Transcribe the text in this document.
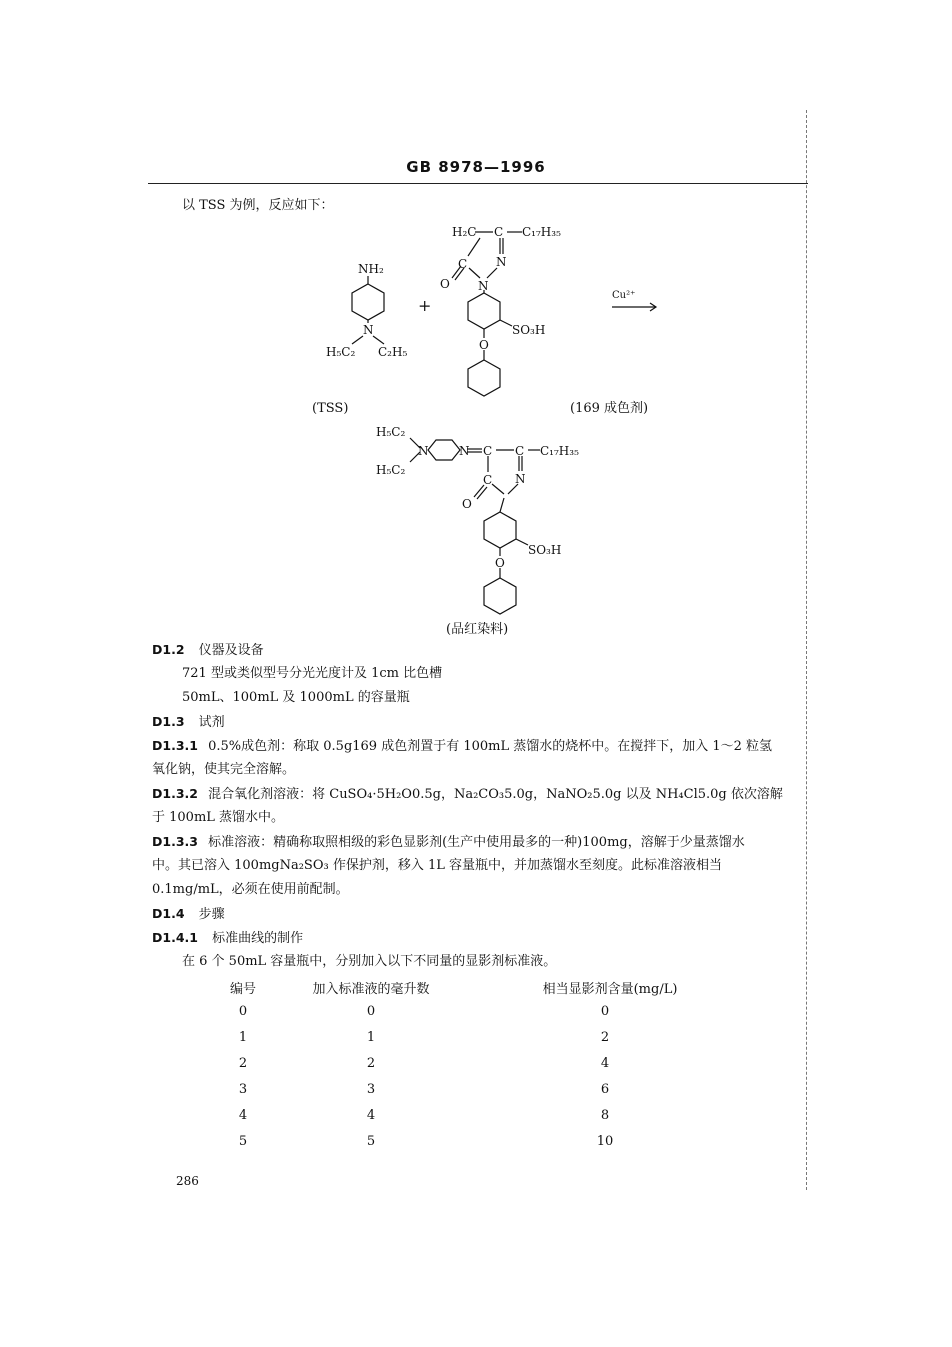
GB 8978—1996
以 TSS 为例，反应如下：
NH₂
N
H₅C₂ C₂H₅
+
H₂C C C₁₇H₃₅
C N
O N
SO₃H
O
Cu²⁺
H₅C₂
H₅C₂
N	N C C C₁₇H₃₅
C N
O
SO₃H
O
(TSS)	(169 成色剂)
(品红染料)
D1.2 仪器及设备
721 型或类似型号分光光度计及 1cm 比色槽
50mL、100mL 及 1000mL 的容量瓶
D1.3 试剂
D1.3.1 0.5%成色剂：称取 0.5g169 成色剂置于有 100mL 蒸馏水的烧杯中。在搅拌下，加入 1～2 粒氢
氧化钠，使其完全溶解。
D1.3.2 混合氧化剂溶液：将 CuSO₄·5H₂O0.5g，Na₂CO₃5.0g，NaNO₂5.0g 以及 NH₄Cl5.0g 依次溶解
于 100mL 蒸馏水中。
D1.3.3 标准溶液：精确称取照相级的彩色显影剂(生产中使用最多的一种)100mg，溶解于少量蒸馏水
中。其已溶入 100mgNa₂SO₃ 作保护剂，移入 1L 容量瓶中，并加蒸馏水至刻度。此标准溶液相当
0.1mg/mL，必须在使用前配制。
D1.4 步骤
D1.4.1 标准曲线的制作
在 6 个 50mL 容量瓶中，分别加入以下不同量的显影剂标准液。
编号	加入标准液的毫升数	相当显影剂含量(mg/L)
0	0	0
1	1	2
2	2	4
3	3	6
4	4	8
5	5	10
286
